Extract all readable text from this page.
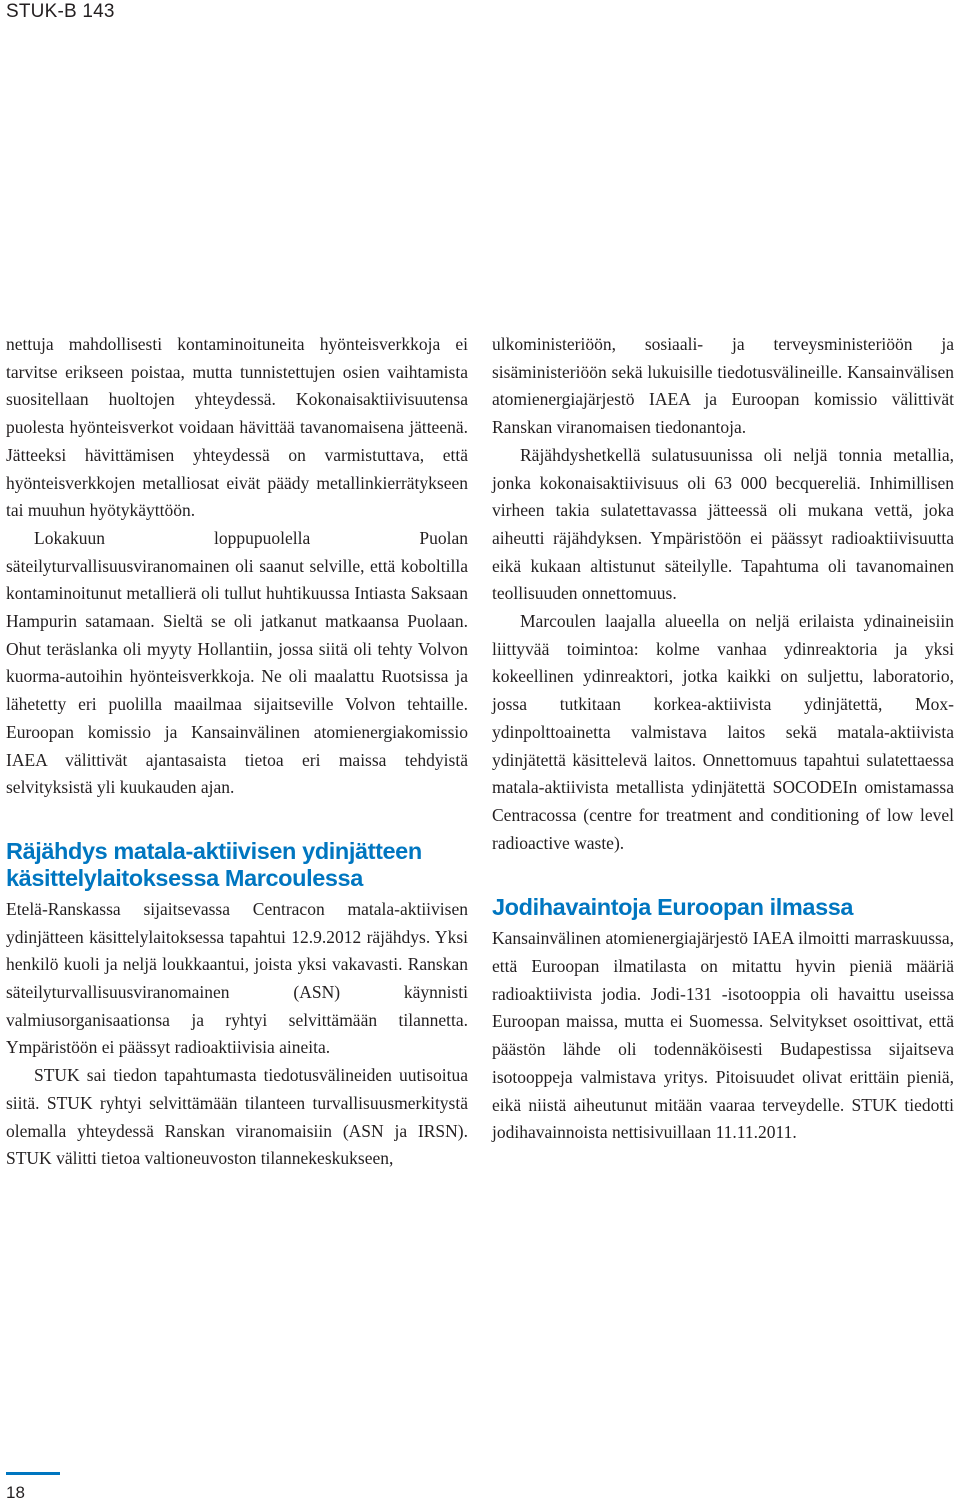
STUK-B 143

nettuja mahdollisesti kontaminoituneita hyönteisverkkoja ei tarvitse erikseen poistaa, mutta tunnistettujen osien vaihtamista suositellaan huoltojen yhteydessä. Kokonaisaktiivisuutensa puolesta hyönteisverkot voidaan hävittää tavanomaisena jätteenä. Jätteeksi hävittämisen yhteydessä on varmistuttava, että hyönteisverkkojen metalliosat eivät päädy metallinkierrätykseen tai muuhun hyötykäyttöön.

Lokakuun loppupuolella Puolan säteilyturvallisuusviranomainen oli saanut selville, että koboltilla kontaminoitunut metallierä oli tullut huhtikuussa Intiasta Saksaan Hampurin satamaan. Sieltä se oli jatkanut matkaansa Puolaan. Ohut teräslanka oli myyty Hollantiin, jossa siitä oli tehty Volvon kuorma-autoihin hyönteisverkkoja. Ne oli maalattu Ruotsissa ja lähetetty eri puolilla maailmaa sijaitseville Volvon tehtaille. Euroopan komissio ja Kansainvälinen atomienergiakomissio IAEA välittivät ajantasaista tietoa eri maissa tehdyistä selvityksistä yli kuukauden ajan.

Räjähdys matala-aktiivisen ydinjätteen käsittelylaitoksessa Marcoulessa

Etelä-Ranskassa sijaitsevassa Centracon matala-aktiivisen ydinjätteen käsittelylaitoksessa tapahtui 12.9.2012 räjähdys. Yksi henkilö kuoli ja neljä loukkaantui, joista yksi vakavasti. Ranskan säteilyturvallisuusviranomainen (ASN) käynnisti valmiusorganisaationsa ja ryhtyi selvittämään tilannetta. Ympäristöön ei päässyt radioaktiivisia aineita.

STUK sai tiedon tapahtumasta tiedotusvälineiden uutisoitua siitä. STUK ryhtyi selvittämään tilanteen turvallisuusmerkitystä olemalla yhteydessä Ranskan viranomaisiin (ASN ja IRSN). STUK välitti tietoa valtioneuvoston tilannekeskukseen,

ulkoministeriöön, sosiaali- ja terveysministeriöön ja sisäministeriöön sekä lukuisille tiedotusvälineille. Kansainvälisen atomienergiajärjestö IAEA ja Euroopan komissio välittivät Ranskan viranomaisen tiedonantoja.

Räjähdyshetkellä sulatusuunissa oli neljä tonnia metallia, jonka kokonaisaktiivisuus oli 63 000 becquereliä. Inhimillisen virheen takia sulatettavassa jätteessä oli mukana vettä, joka aiheutti räjähdyksen. Ympäristöön ei päässyt radioaktiivisuutta eikä kukaan altistunut säteilylle. Tapahtuma oli tavanomainen teollisuuden onnettomuus.

Marcoulen laajalla alueella on neljä erilaista ydinaineisiin liittyvää toimintoa: kolme vanhaa ydinreaktoria ja yksi kokeellinen ydinreaktori, jotka kaikki on suljettu, laboratorio, jossa tutkitaan korkea-aktiivista ydinjätettä, Mox-ydinpolttoainetta valmistava laitos sekä matala-aktiivista ydinjätettä käsittelevä laitos. Onnettomuus tapahtui sulatettaessa matala-aktiivista metallista ydinjätettä SOCODEIn omistamassa Centracossa (centre for treatment and conditioning of low level radioactive waste).

Jodihavaintoja Euroopan ilmassa

Kansainvälinen atomienergiajärjestö IAEA ilmoitti marraskuussa, että Euroopan ilmatilasta on mitattu hyvin pieniä määriä radioaktiivista jodia. Jodi-131 -isotooppia oli havaittu useissa Euroopan maissa, mutta ei Suomessa. Selvitykset osoittivat, että päästön lähde oli todennäköisesti Budapestissa sijaitseva isotooppeja valmistava yritys. Pitoisuudet olivat erittäin pieniä, eikä niistä aiheutunut mitään vaaraa terveydelle. STUK tiedotti jodihavainnoista nettisivuillaan 11.11.2011.

18
